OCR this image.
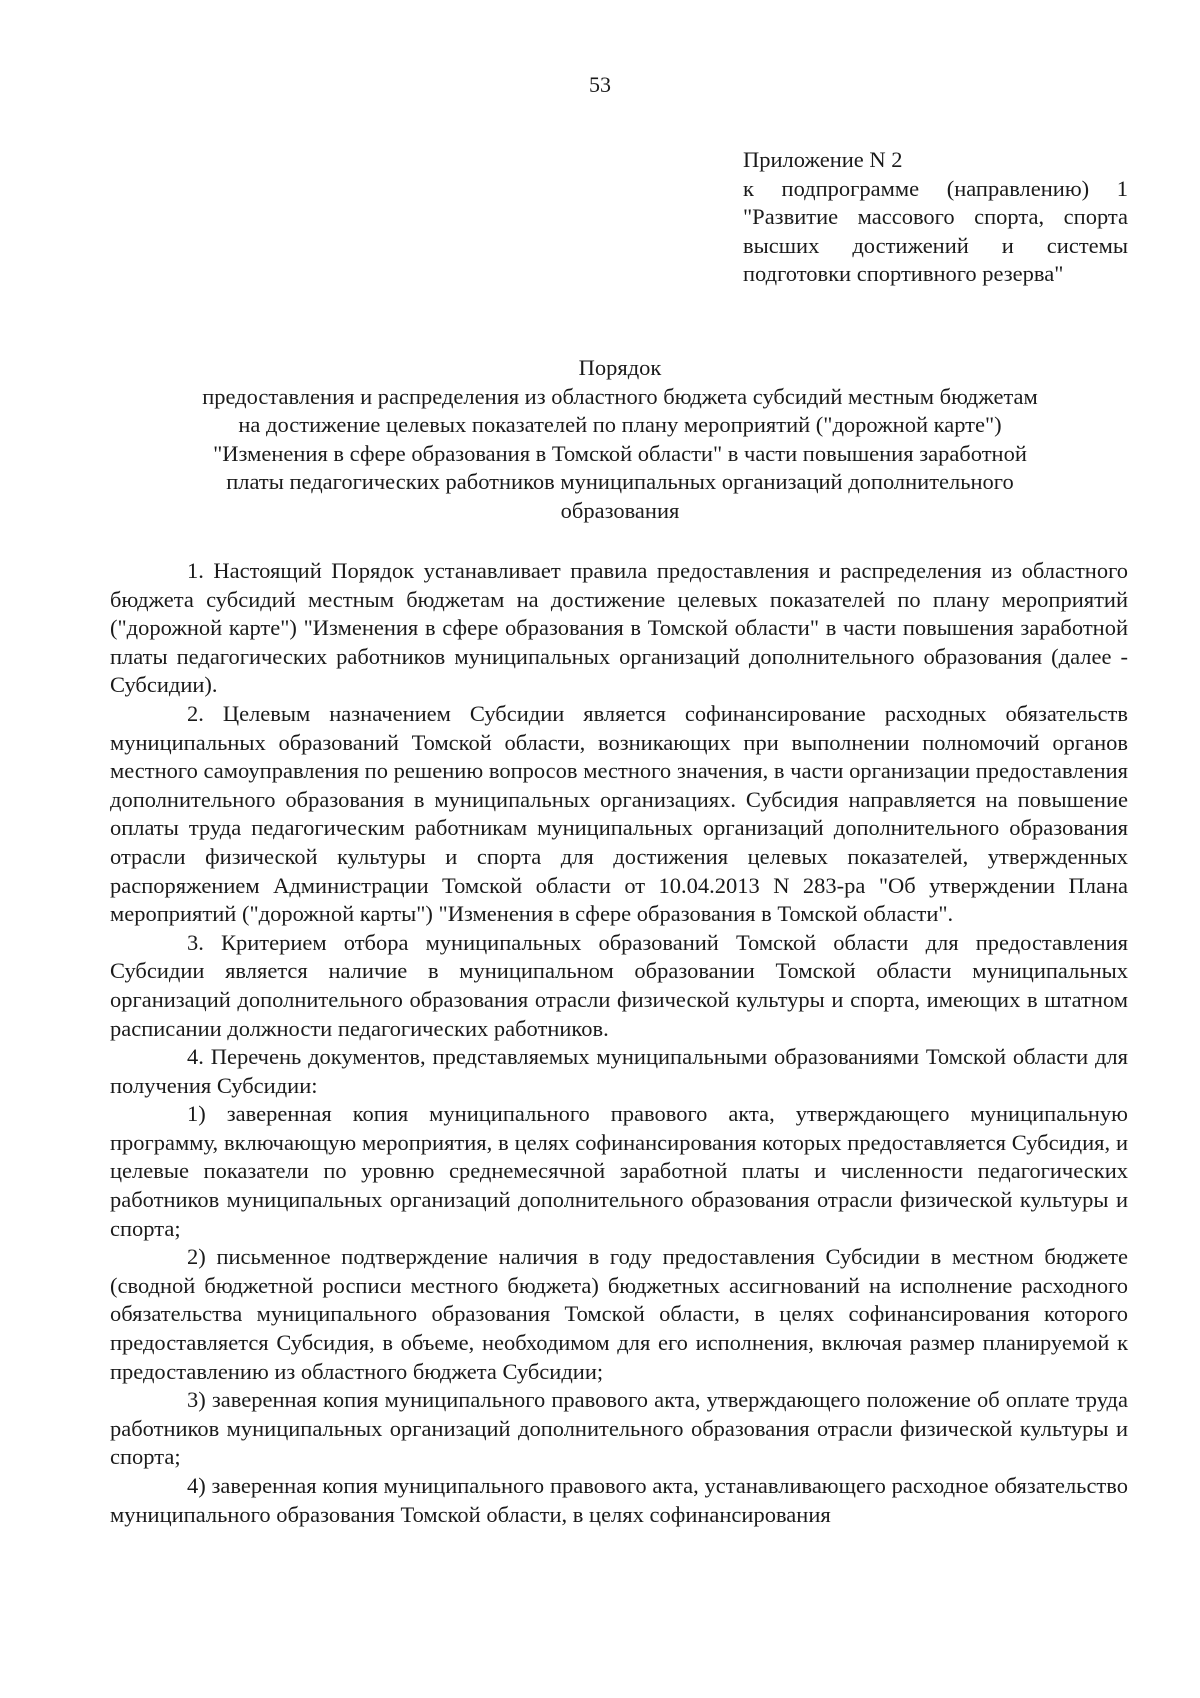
53
Приложение N 2
к подпрограмме (направлению) 1
"Развитие массового спорта, спорта
высших достижений и системы
подготовки спортивного резерва"
Порядок
предоставления и распределения из областного бюджета субсидий местным бюджетам
на достижение целевых показателей по плану мероприятий ("дорожной карте")
"Изменения в сфере образования в Томской области" в части повышения заработной
платы педагогических работников муниципальных организаций дополнительного
образования

1. Настоящий Порядок устанавливает правила предоставления и распределения из областного бюджета субсидий местным бюджетам на достижение целевых показателей по плану мероприятий ("дорожной карте") "Изменения в сфере образования в Томской области" в части повышения заработной платы педагогических работников муниципальных организаций дополнительного образования (далее - Субсидии).

2. Целевым назначением Субсидии является софинансирование расходных обязательств муниципальных образований Томской области, возникающих при выполнении полномочий органов местного самоуправления по решению вопросов местного значения, в части организации предоставления дополнительного образования в муниципальных организациях. Субсидия направляется на повышение оплаты труда педагогическим работникам муниципальных организаций дополнительного образования отрасли физической культуры и спорта для достижения целевых показателей, утвержденных распоряжением Администрации Томской области от 10.04.2013 N 283-ра "Об утверждении Плана мероприятий ("дорожной карты") "Изменения в сфере образования в Томской области".

3. Критерием отбора муниципальных образований Томской области для предоставления Субсидии является наличие в муниципальном образовании Томской области муниципальных организаций дополнительного образования отрасли физической культуры и спорта, имеющих в штатном расписании должности педагогических работников.

4. Перечень документов, представляемых муниципальными образованиями Томской области для получения Субсидии:

1) заверенная копия муниципального правового акта, утверждающего муниципальную программу, включающую мероприятия, в целях софинансирования которых предоставляется Субсидия, и целевые показатели по уровню среднемесячной заработной платы и численности педагогических работников муниципальных организаций дополнительного образования отрасли физической культуры и спорта;

2) письменное подтверждение наличия в году предоставления Субсидии в местном бюджете (сводной бюджетной росписи местного бюджета) бюджетных ассигнований на исполнение расходного обязательства муниципального образования Томской области, в целях софинансирования которого предоставляется Субсидия, в объеме, необходимом для его исполнения, включая размер планируемой к предоставлению из областного бюджета Субсидии;

3) заверенная копия муниципального правового акта, утверждающего положение об оплате труда работников муниципальных организаций дополнительного образования отрасли физической культуры и спорта;

4) заверенная копия муниципального правового акта, устанавливающего расходное обязательство муниципального образования Томской области, в целях софинансирования
